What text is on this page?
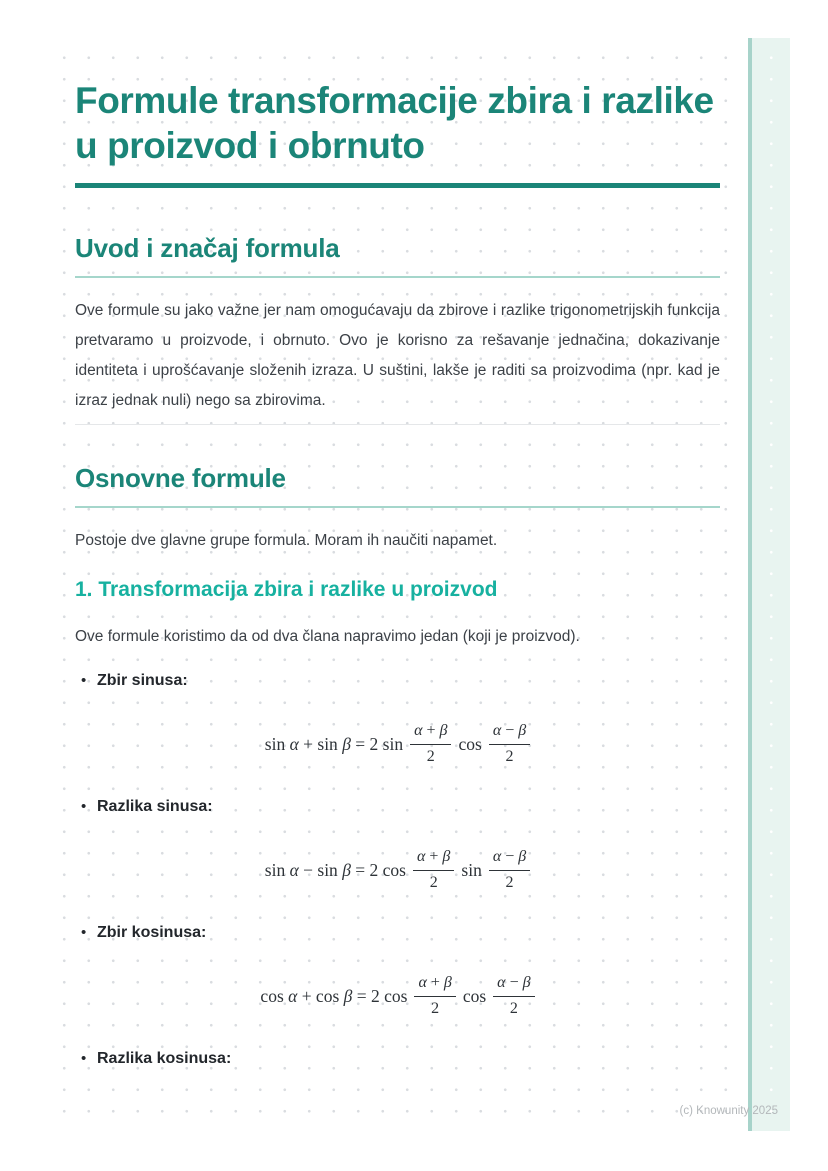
Formule transformacije zbira i razlike u proizvod i obrnuto
Uvod i značaj formula

Ove formule su jako važne jer nam omogućavaju da zbirove i razlike trigonometrijskih funkcija pretvaramo u proizvode, i obrnuto. Ovo je korisno za rešavanje jednačina, dokazivanje identiteta i uprošćavanje složenih izraza. U suštini, lakše je raditi sa proizvodima (npr. kad je izraz jednak nuli) nego sa zbirovima.

Osnovne formule

Postoje dve glavne grupe formula. Moram ih naučiti napamet.

1. Transformacija zbira i razlike u proizvod

Ove formule koristimo da od dva člana napravimo jedan (koji je proizvod).

• Zbir sinusa:
sin α + sin β = 2 $\sin \frac{\alpha + \beta}{2}$ $\cos \frac{\alpha - \beta}{2}$
• Razlika sinusa:
sin α − sin β = 2 $\cos \frac{\alpha + \beta}{2}$ $\sin \frac{\alpha - \beta}{2}$
• Zbir kosinusa:
cos α + cos β = 2 $\cos \frac{\alpha + \beta}{2}$ $\cos \frac{\alpha - \beta}{2}$
• Razlika kosinusa:
(c) Knowunity 2025
